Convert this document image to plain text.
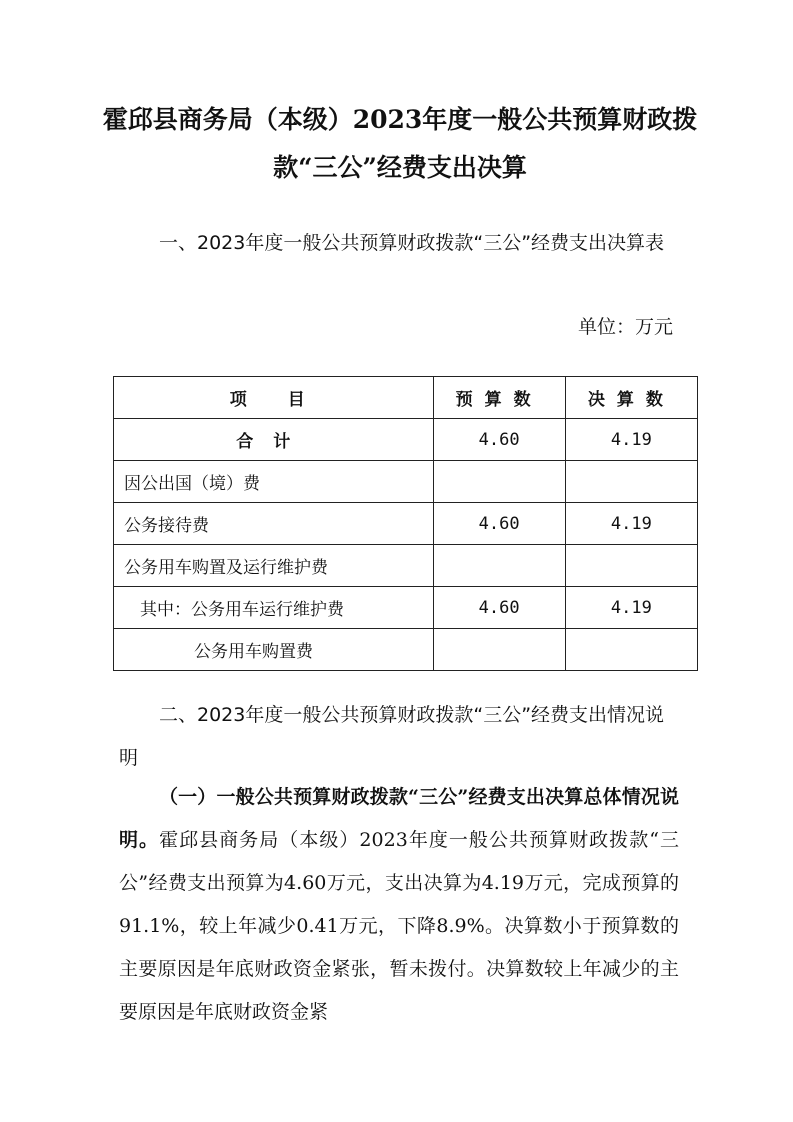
霍邱县商务局（本级）2023年度一般公共预算财政拨款“三公”经费支出决算

一、2023年度一般公共预算财政拨款“三公”经费支出决算表

单位：万元
项　目	预算数	决算数
合计	4.60	4.19
因公出国（境）费		
公务接待费	4.60	4.19
公务用车购置及运行维护费		
其中：公务用车运行维护费	4.60	4.19
公务用车购置费		

二、2023年度一般公共预算财政拨款“三公”经费支出情况说明

（一）一般公共预算财政拨款“三公”经费支出决算总体情况说明。霍邱县商务局（本级）2023年度一般公共预算财政拨款“三公”经费支出预算为4.60万元，支出决算为4.19万元，完成预算的91.1%，较上年减少0.41万元，下降8.9%。决算数小于预算数的主要原因是年底财政资金紧张，暂未拨付。决算数较上年减少的主要原因是年底财政资金紧
